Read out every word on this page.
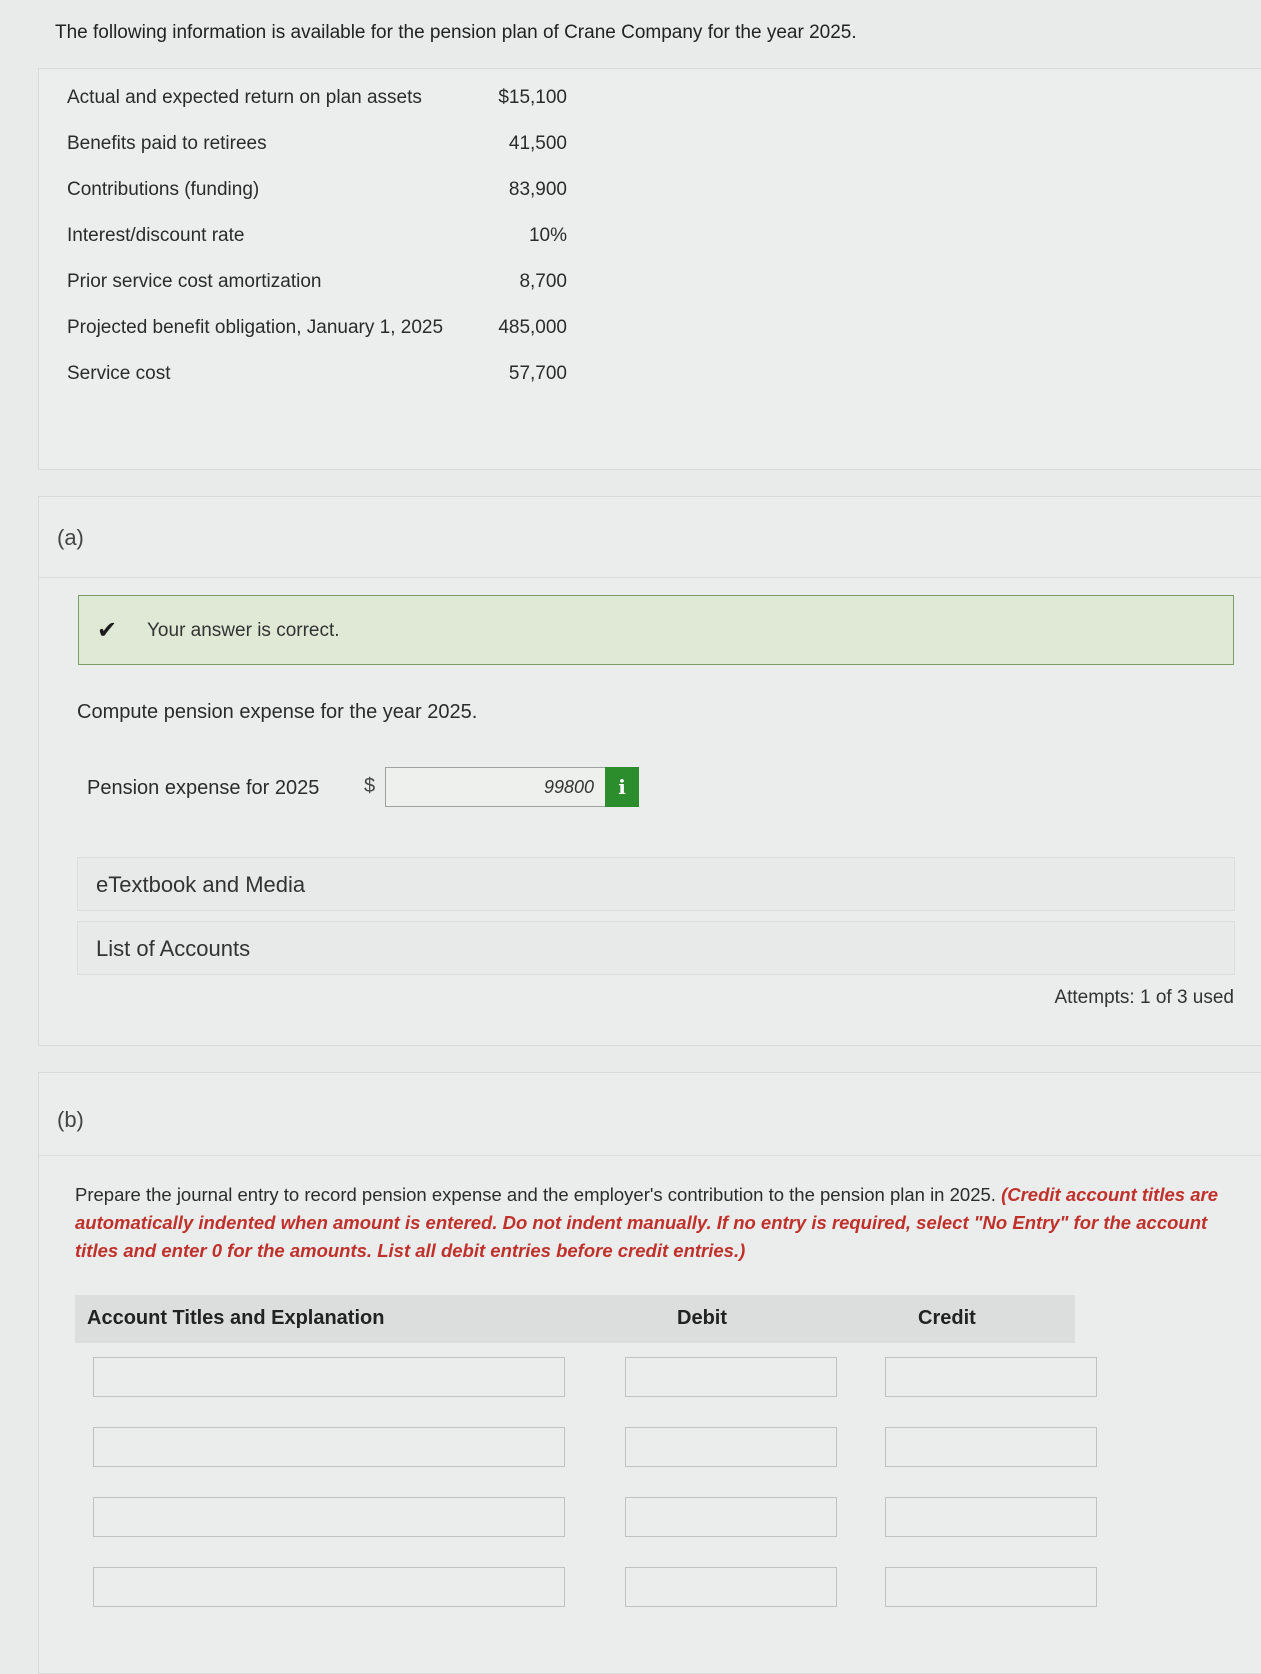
The following information is available for the pension plan of Crane Company for the year 2025.
Actual and expected return on plan assets	$15,100
Benefits paid to retirees	41,500
Contributions (funding)	83,900
Interest/discount rate	10%
Prior service cost amortization	8,700
Projected benefit obligation, January 1, 2025	485,000
Service cost	57,700
(a)
✔ Your answer is correct.
Compute pension expense for the year 2025.
Pension expense for 2025 $	99800	i
eTextbook and Media
List of Accounts
Attempts: 1 of 3 used
(b)
Prepare the journal entry to record pension expense and the employer's contribution to the pension plan in 2025. (Credit account titles are automatically indented when amount is entered. Do not indent manually. If no entry is required, select "No Entry" for the account titles and enter 0 for the amounts. List all debit entries before credit entries.)
Account Titles and Explanation	Debit	Credit
